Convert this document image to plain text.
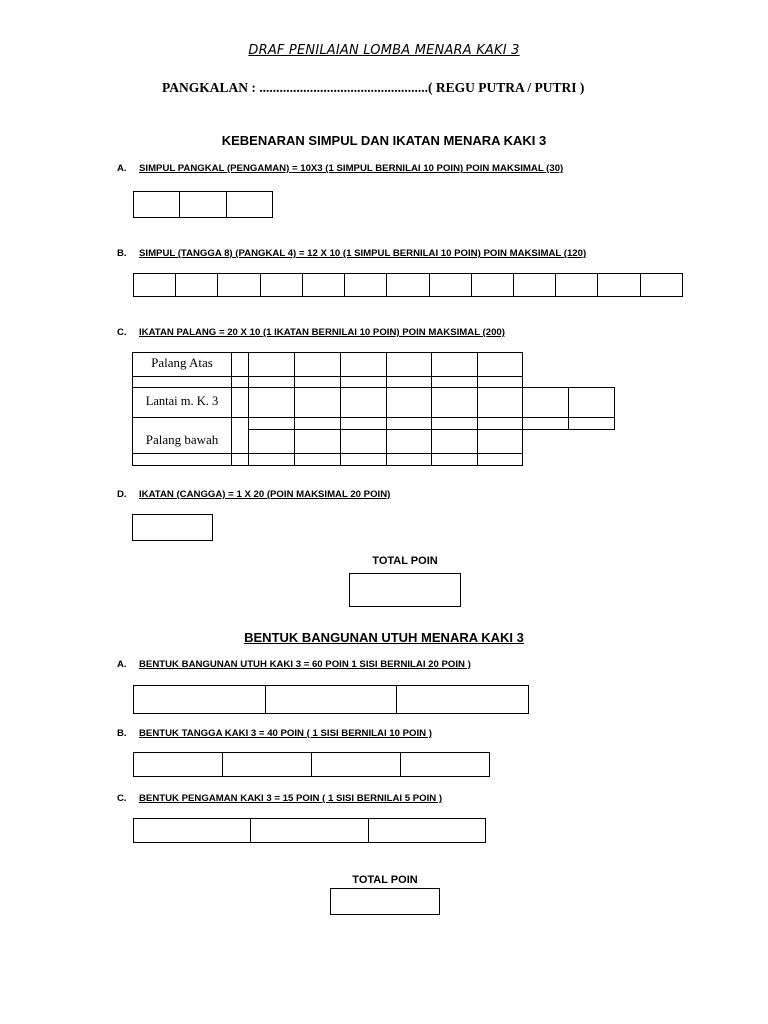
DRAF PENILAIAN LOMBA MENARA KAKI 3
PANGKALAN : ..................................................( REGU PUTRA / PUTRI )
KEBENARAN SIMPUL DAN IKATAN MENARA KAKI 3
A. SIMPUL PANGKAL (PENGAMAN) = 10X3 (1 SIMPUL BERNILAI 10 POIN) POIN MAKSIMAL (30)

B. SIMPUL (TANGGA 8) (PANGKAL 4) = 12 X 10 (1 SIMPUL BERNILAI 10 POIN) POIN MAKSIMAL (120)

C. IKATAN PALANG = 20 X 10 (1 IKATAN BERNILAI 10 POIN) POIN MAKSIMAL (200)
Palang Atas
Lantai m. K. 3
Palang bawah
D. IKATAN (CANGGA) = 1 X 20 (POIN MAKSIMAL 20 POIN)
TOTAL POIN
BENTUK BANGUNAN UTUH MENARA KAKI 3
A. BENTUK BANGUNAN UTUH KAKI 3 = 60 POIN 1 SISI BERNILAI 20 POIN )

B. BENTUK TANGGA KAKI 3 = 40 POIN ( 1 SISI BERNILAI 10 POIN )

C. BENTUK PENGAMAN KAKI 3 = 15 POIN ( 1 SISI BERNILAI 5 POIN )

TOTAL POIN
